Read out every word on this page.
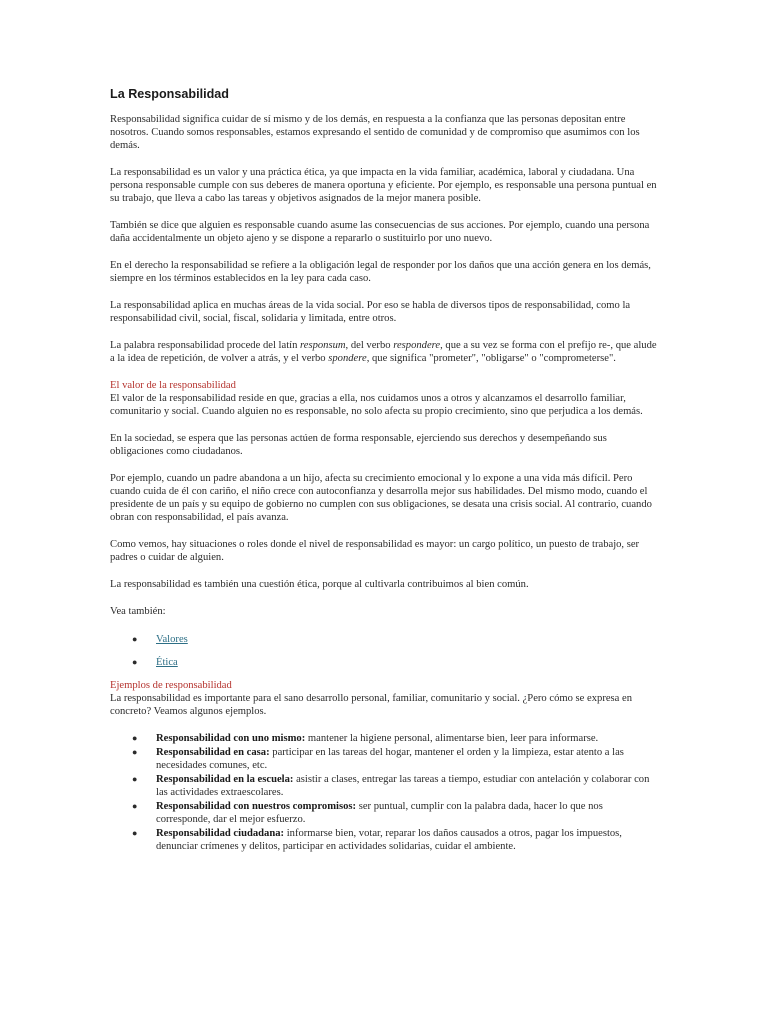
La Responsabilidad

Responsabilidad significa cuidar de sí mismo y de los demás, en respuesta a la confianza que las personas depositan entre nosotros. Cuando somos responsables, estamos expresando el sentido de comunidad y de compromiso que asumimos con los demás.

La responsabilidad es un valor y una práctica ética, ya que impacta en la vida familiar, académica, laboral y ciudadana. Una persona responsable cumple con sus deberes de manera oportuna y eficiente. Por ejemplo, es responsable una persona puntual en su trabajo, que lleva a cabo las tareas y objetivos asignados de la mejor manera posible.

También se dice que alguien es responsable cuando asume las consecuencias de sus acciones. Por ejemplo, cuando una persona daña accidentalmente un objeto ajeno y se dispone a repararlo o sustituirlo por uno nuevo.

En el derecho la responsabilidad se refiere a la obligación legal de responder por los daños que una acción genera en los demás, siempre en los términos establecidos en la ley para cada caso.

La responsabilidad aplica en muchas áreas de la vida social. Por eso se habla de diversos tipos de responsabilidad, como la responsabilidad civil, social, fiscal, solidaria y limitada, entre otros.

La palabra responsabilidad procede del latín responsum, del verbo respondere, que a su vez se forma con el prefijo re-, que alude a la idea de repetición, de volver a atrás, y el verbo spondere, que significa "prometer", "obligarse" o "comprometerse".

El valor de la responsabilidad

El valor de la responsabilidad reside en que, gracias a ella, nos cuidamos unos a otros y alcanzamos el desarrollo familiar, comunitario y social. Cuando alguien no es responsable, no solo afecta su propio crecimiento, sino que perjudica a los demás.

En la sociedad, se espera que las personas actúen de forma responsable, ejerciendo sus derechos y desempeñando sus obligaciones como ciudadanos.

Por ejemplo, cuando un padre abandona a un hijo, afecta su crecimiento emocional y lo expone a una vida más difícil. Pero cuando cuida de él con cariño, el niño crece con autoconfianza y desarrolla mejor sus habilidades. Del mismo modo, cuando el presidente de un país y su equipo de gobierno no cumplen con sus obligaciones, se desata una crisis social. Al contrario, cuando obran con responsabilidad, el país avanza.

Como vemos, hay situaciones o roles donde el nivel de responsabilidad es mayor: un cargo político, un puesto de trabajo, ser padres o cuidar de alguien.

La responsabilidad es también una cuestión ética, porque al cultivarla contribuimos al bien común.

Vea también:

● Valores
● Ética
Ejemplos de responsabilidad

La responsabilidad es importante para el sano desarrollo personal, familiar, comunitario y social. ¿Pero cómo se expresa en concreto? Veamos algunos ejemplos.

● Responsabilidad con uno mismo: mantener la higiene personal, alimentarse bien, leer para informarse.
● Responsabilidad en casa: participar en las tareas del hogar, mantener el orden y la limpieza, estar atento a las necesidades comunes, etc.
● Responsabilidad en la escuela: asistir a clases, entregar las tareas a tiempo, estudiar con antelación y colaborar con las actividades extraescolares.
● Responsabilidad con nuestros compromisos: ser puntual, cumplir con la palabra dada, hacer lo que nos corresponde, dar el mejor esfuerzo.
● Responsabilidad ciudadana: informarse bien, votar, reparar los daños causados a otros, pagar los impuestos, denunciar crímenes y delitos, participar en actividades solidarias, cuidar el ambiente.
